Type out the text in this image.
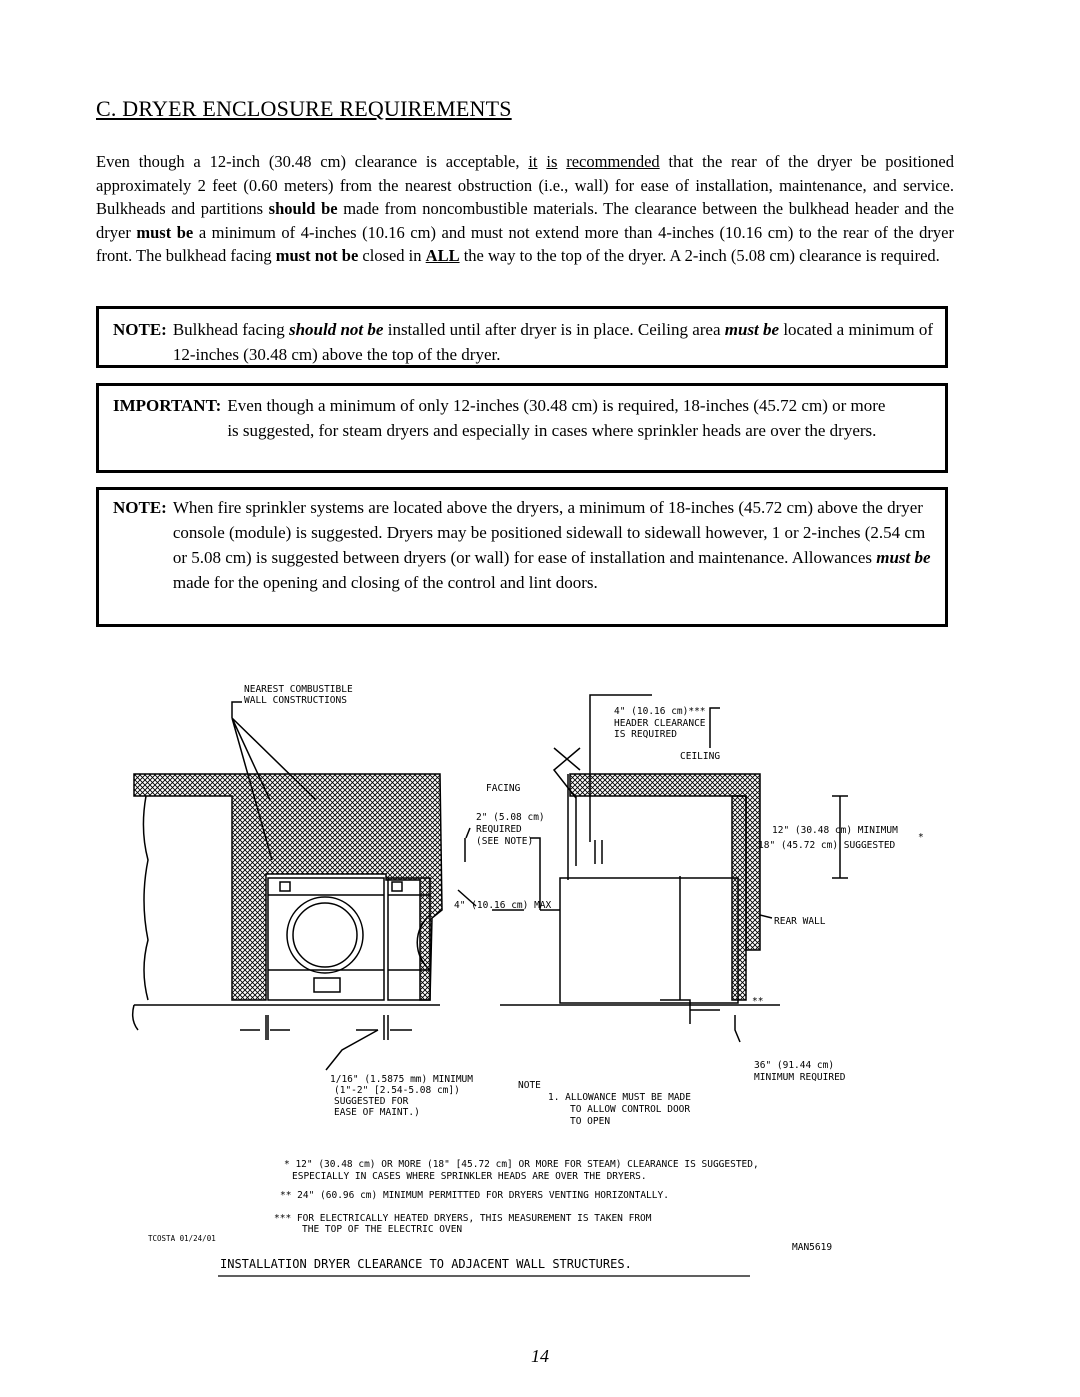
C. DRYER ENCLOSURE REQUIREMENTS

Even though a 12-inch (30.48 cm) clearance is acceptable, it is recommended that the rear of the dryer be positioned approximately 2 feet (0.60 meters) from the nearest obstruction (i.e., wall) for ease of installation, maintenance, and service. Bulkheads and partitions should be made from noncombustible materials. The clearance between the bulkhead header and the dryer must be a minimum of 4-inches (10.16 cm) and must not extend more than 4-inches (10.16 cm) to the rear of the dryer front. The bulkhead facing must not be closed in ALL the way to the top of the dryer. A 2-inch (5.08 cm) clearance is required.

NOTE: Bulkhead facing should not be installed until after dryer is in place. Ceiling area must be located a minimum of 12-inches (30.48 cm) above the top of the dryer.
IMPORTANT: Even though a minimum of only 12-inches (30.48 cm) is required, 18-inches (45.72 cm) or more is suggested, for steam dryers and especially in cases where sprinkler heads are over the dryers.
NOTE: When fire sprinkler systems are located above the dryers, a minimum of 18-inches (45.72 cm) above the dryer console (module) is suggested. Dryers may be positioned sidewall to sidewall however, 1 or 2-inches (2.54 cm or 5.08 cm) is suggested between dryers (or wall) for ease of installation and maintenance. Allowances must be made for the opening and closing of the control and lint doors.
NEAREST COMBUSTIBLE
WALL CONSTRUCTIONS
4" (10.16 cm)***
HEADER CLEARANCE
IS REQUIRED
CEILING
FACING
2" (5.08 cm)
REQUIRED
(SEE NOTE)
12" (30.48 cm) MINIMUM
18" (45.72 cm) SUGGESTED
*
4" (10.16 cm) MAX
REAR WALL
**
1/16" (1.5875 mm) MINIMUM
(1"-2" [2.54-5.08 cm])
SUGGESTED FOR
EASE OF MAINT.)
NOTE
1. ALLOWANCE MUST BE MADE
TO ALLOW CONTROL DOOR
TO OPEN
36" (91.44 cm)
MINIMUM REQUIRED
* 12" (30.48 cm) OR MORE (18" [45.72 cm] OR MORE FOR STEAM) CLEARANCE IS SUGGESTED,
ESPECIALLY IN CASES WHERE SPRINKLER HEADS ARE OVER THE DRYERS.
** 24" (60.96 cm) MINIMUM PERMITTED FOR DRYERS VENTING HORIZONTALLY.
*** FOR ELECTRICALLY HEATED DRYERS, THIS MEASUREMENT IS TAKEN FROM
THE TOP OF THE ELECTRIC OVEN
TCOSTA 01/24/01
MAN5619
INSTALLATION DRYER CLEARANCE TO ADJACENT WALL STRUCTURES.
14
